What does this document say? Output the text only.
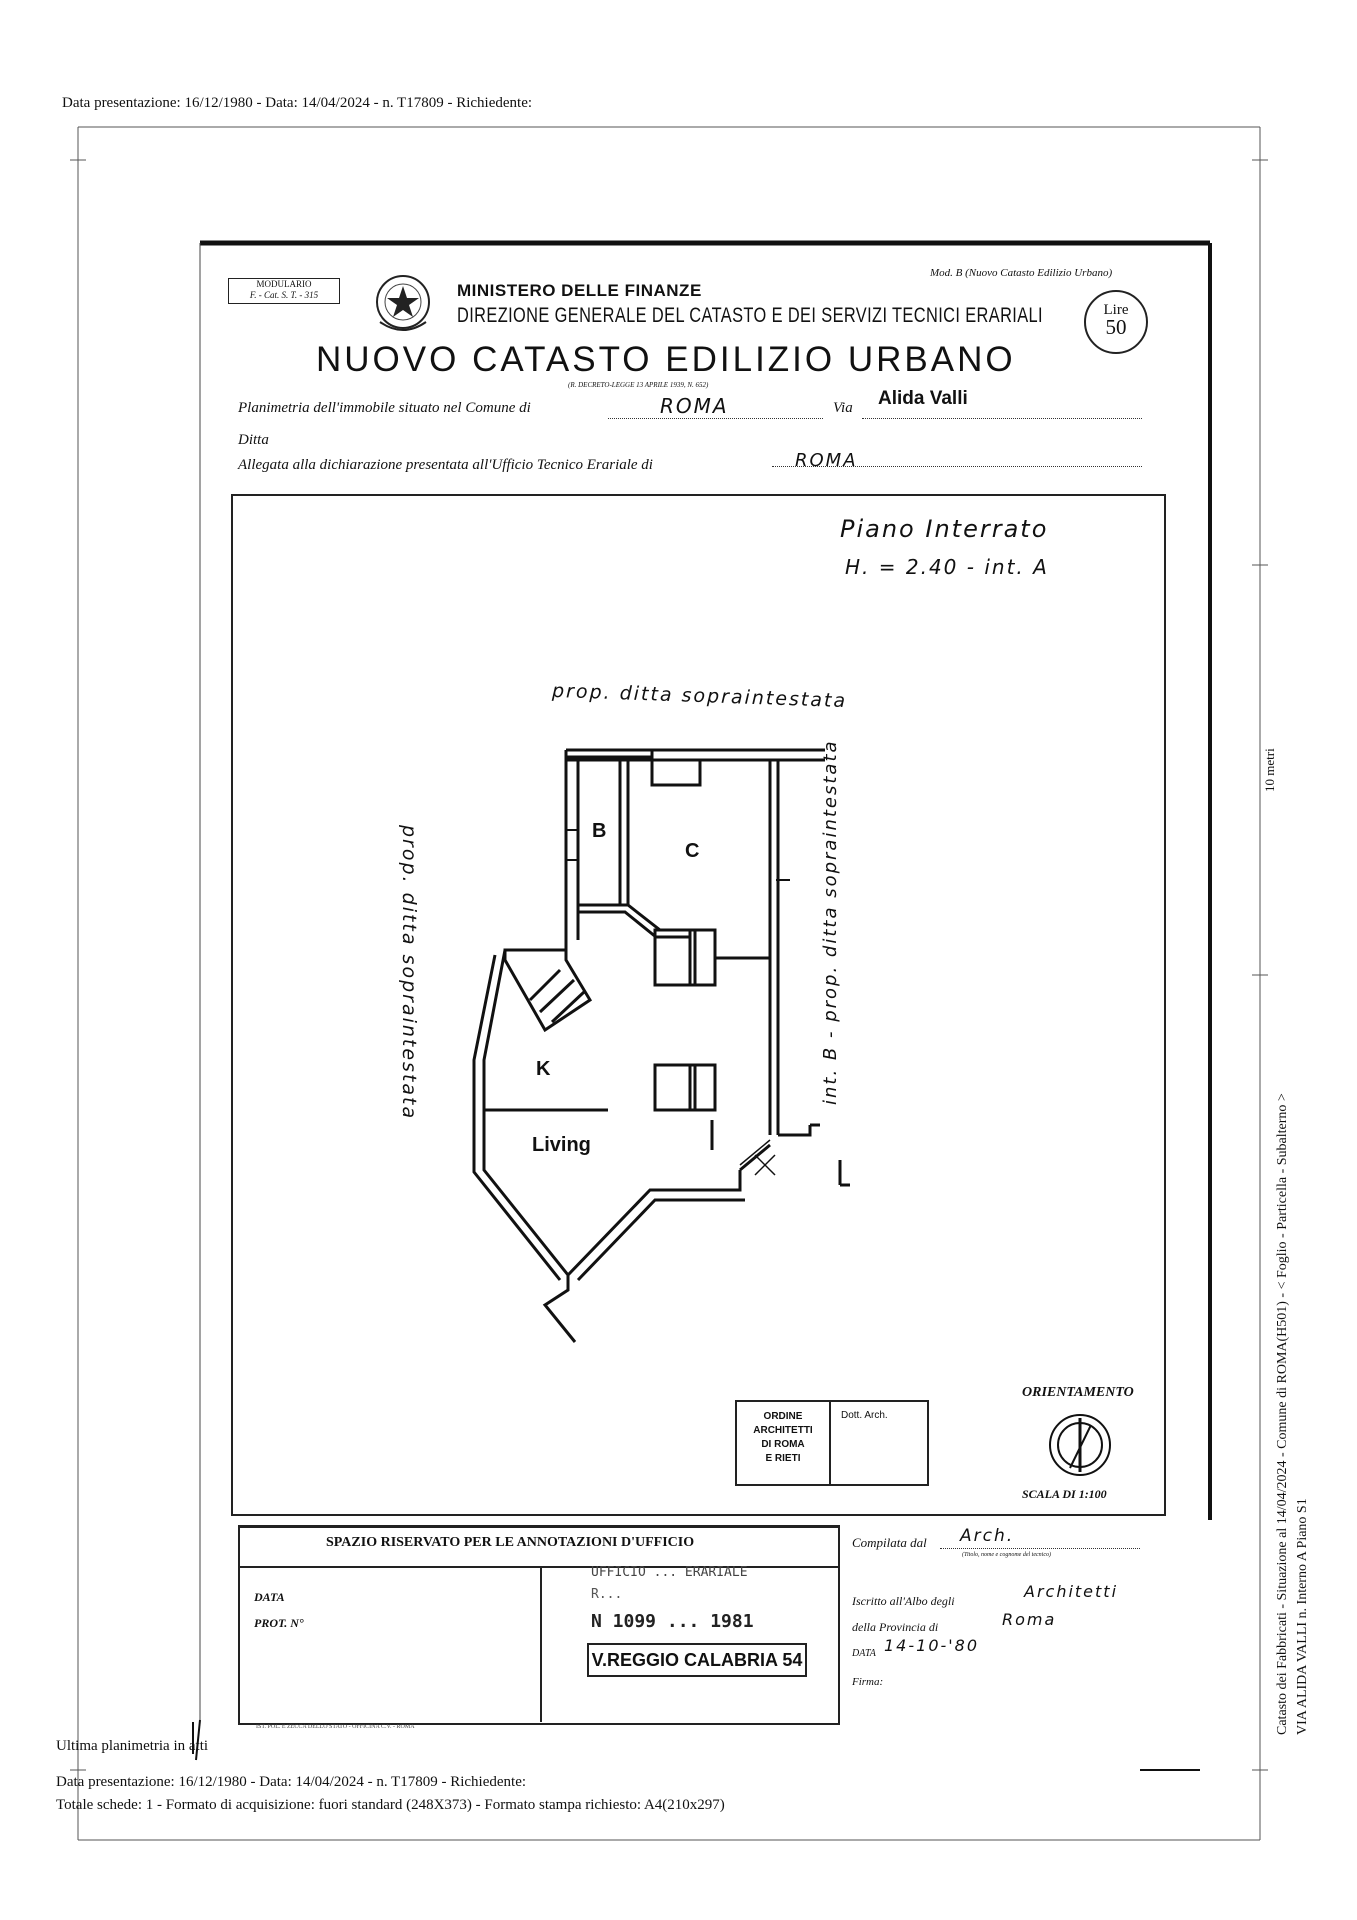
Data presentazione: 16/12/1980 - Data: 14/04/2024 - n. T17809 - Richiedente:
MODULARIO
F. - Cat. S. T. - 315
Mod. B (Nuovo Catasto Edilizio Urbano)
MINISTERO DELLE FINANZE
DIREZIONE GENERALE DEL CATASTO E DEI SERVIZI TECNICI ERARIALI	Lire
50
NUOVO CATASTO EDILIZIO URBANO
(R. DECRETO-LEGGE 13 APRILE 1939, N. 652)
Planimetria dell'immobile situato nel Comune di	ROMA	Via Alida Valli
Ditta
Allegata alla dichiarazione presentata all'Ufficio Tecnico Erariale di	ROMA
Piano Interrato
H. = 2.40 - int. A
prop. ditta sopraintestata
prop. ditta sopraintestata	int. B - prop. ditta sopraintestata
B
C
K
Living
ORDINE
ARCHITETTI
DI ROMA
E RIETI
Dott. Arch.
ORIENTAMENTO
SCALA DI 1:100
SPAZIO RISERVATO PER LE ANNOTAZIONI D'UFFICIO
DATA
PROT. N°
UFFICIO ... ERARIALE
R...
N 1099 ... 1981
V.REGGIO CALABRIA 54
IST. POL. E ZECCA DELLO STATO - OFFICINA C.V. - ROMA
Compilata dal Arch.
(Titolo, nome e cognome del tecnico)
Iscritto all'Albo degli	Architetti
della Provincia di	Roma
DATA 14-10-'80
Firma:
10 metri
Catasto dei Fabbricati - Situazione al 14/04/2024 - Comune di ROMA(H501) - < Foglio - Particella - Subalterno > VIA ALIDA VALLI n. Interno A Piano S1
Ultima planimetria in atti
Data presentazione: 16/12/1980 - Data: 14/04/2024 - n. T17809 - Richiedente:
Totale schede: 1 - Formato di acquisizione: fuori standard (248X373) - Formato stampa richiesto: A4(210x297)
